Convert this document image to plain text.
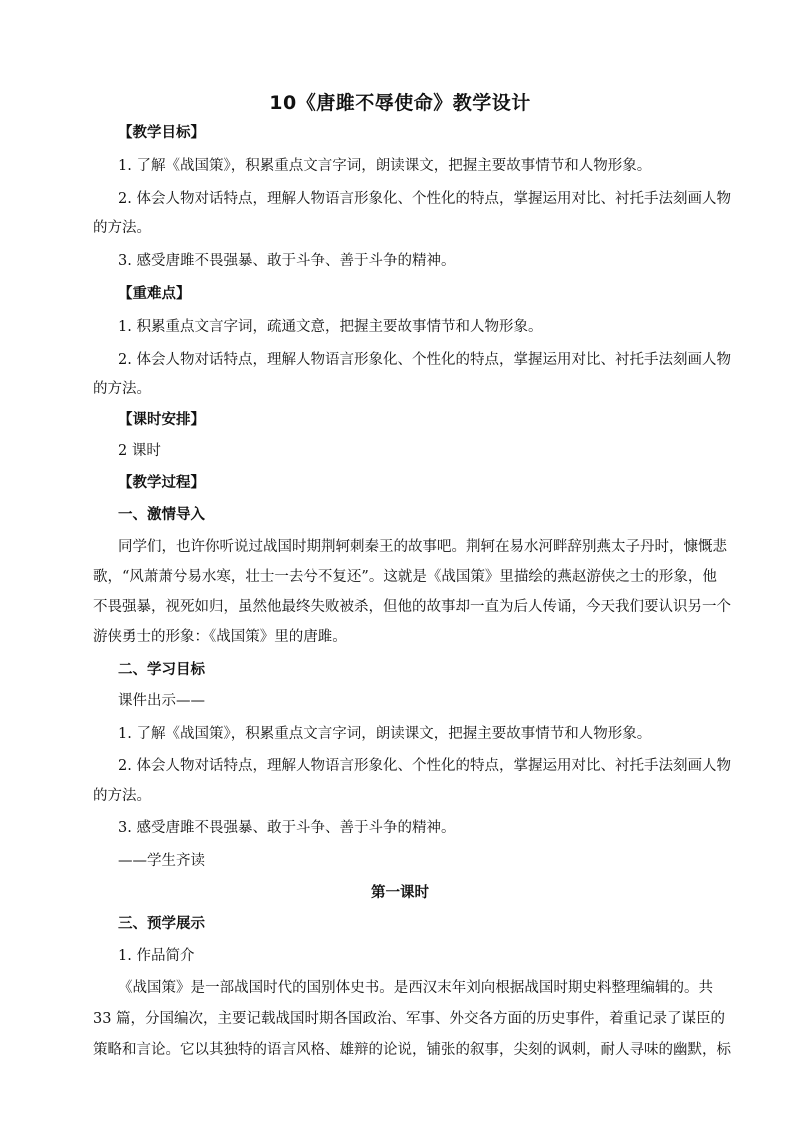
10《唐雎不辱使命》教学设计
【教学目标】
1. 了解《战国策》，积累重点文言字词，朗读课文，把握主要故事情节和人物形象。
2. 体会人物对话特点，理解人物语言形象化、个性化的特点，掌握运用对比、衬托手法刻画人物
的方法。
3. 感受唐雎不畏强暴、敢于斗争、善于斗争的精神。
【重难点】
1. 积累重点文言字词，疏通文意，把握主要故事情节和人物形象。
2. 体会人物对话特点，理解人物语言形象化、个性化的特点，掌握运用对比、衬托手法刻画人物
的方法。
【课时安排】
2 课时
【教学过程】
一、激情导入
同学们，也许你听说过战国时期荆轲刺秦王的故事吧。荆轲在易水河畔辞别燕太子丹时，慷慨悲
歌，“风萧萧兮易水寒，壮士一去兮不复还”。这就是《战国策》里描绘的燕赵游侠之士的形象，他
不畏强暴，视死如归，虽然他最终失败被杀，但他的故事却一直为后人传诵，今天我们要认识另一个
游侠勇士的形象：《战国策》里的唐雎。
二、学习目标
课件出示——
1. 了解《战国策》，积累重点文言字词，朗读课文，把握主要故事情节和人物形象。
2. 体会人物对话特点，理解人物语言形象化、个性化的特点，掌握运用对比、衬托手法刻画人物
的方法。
3. 感受唐雎不畏强暴、敢于斗争、善于斗争的精神。
——学生齐读
第一课时
三、预学展示
1. 作品简介
《战国策》是一部战国时代的国别体史书。是西汉末年刘向根据战国时期史料整理编辑的。共
33 篇，分国编次，主要记载战国时期各国政治、军事、外交各方面的历史事件，着重记录了谋臣的
策略和言论。它以其独特的语言风格、雄辩的论说，铺张的叙事，尖刻的讽刺，耐人寻味的幽默，标
